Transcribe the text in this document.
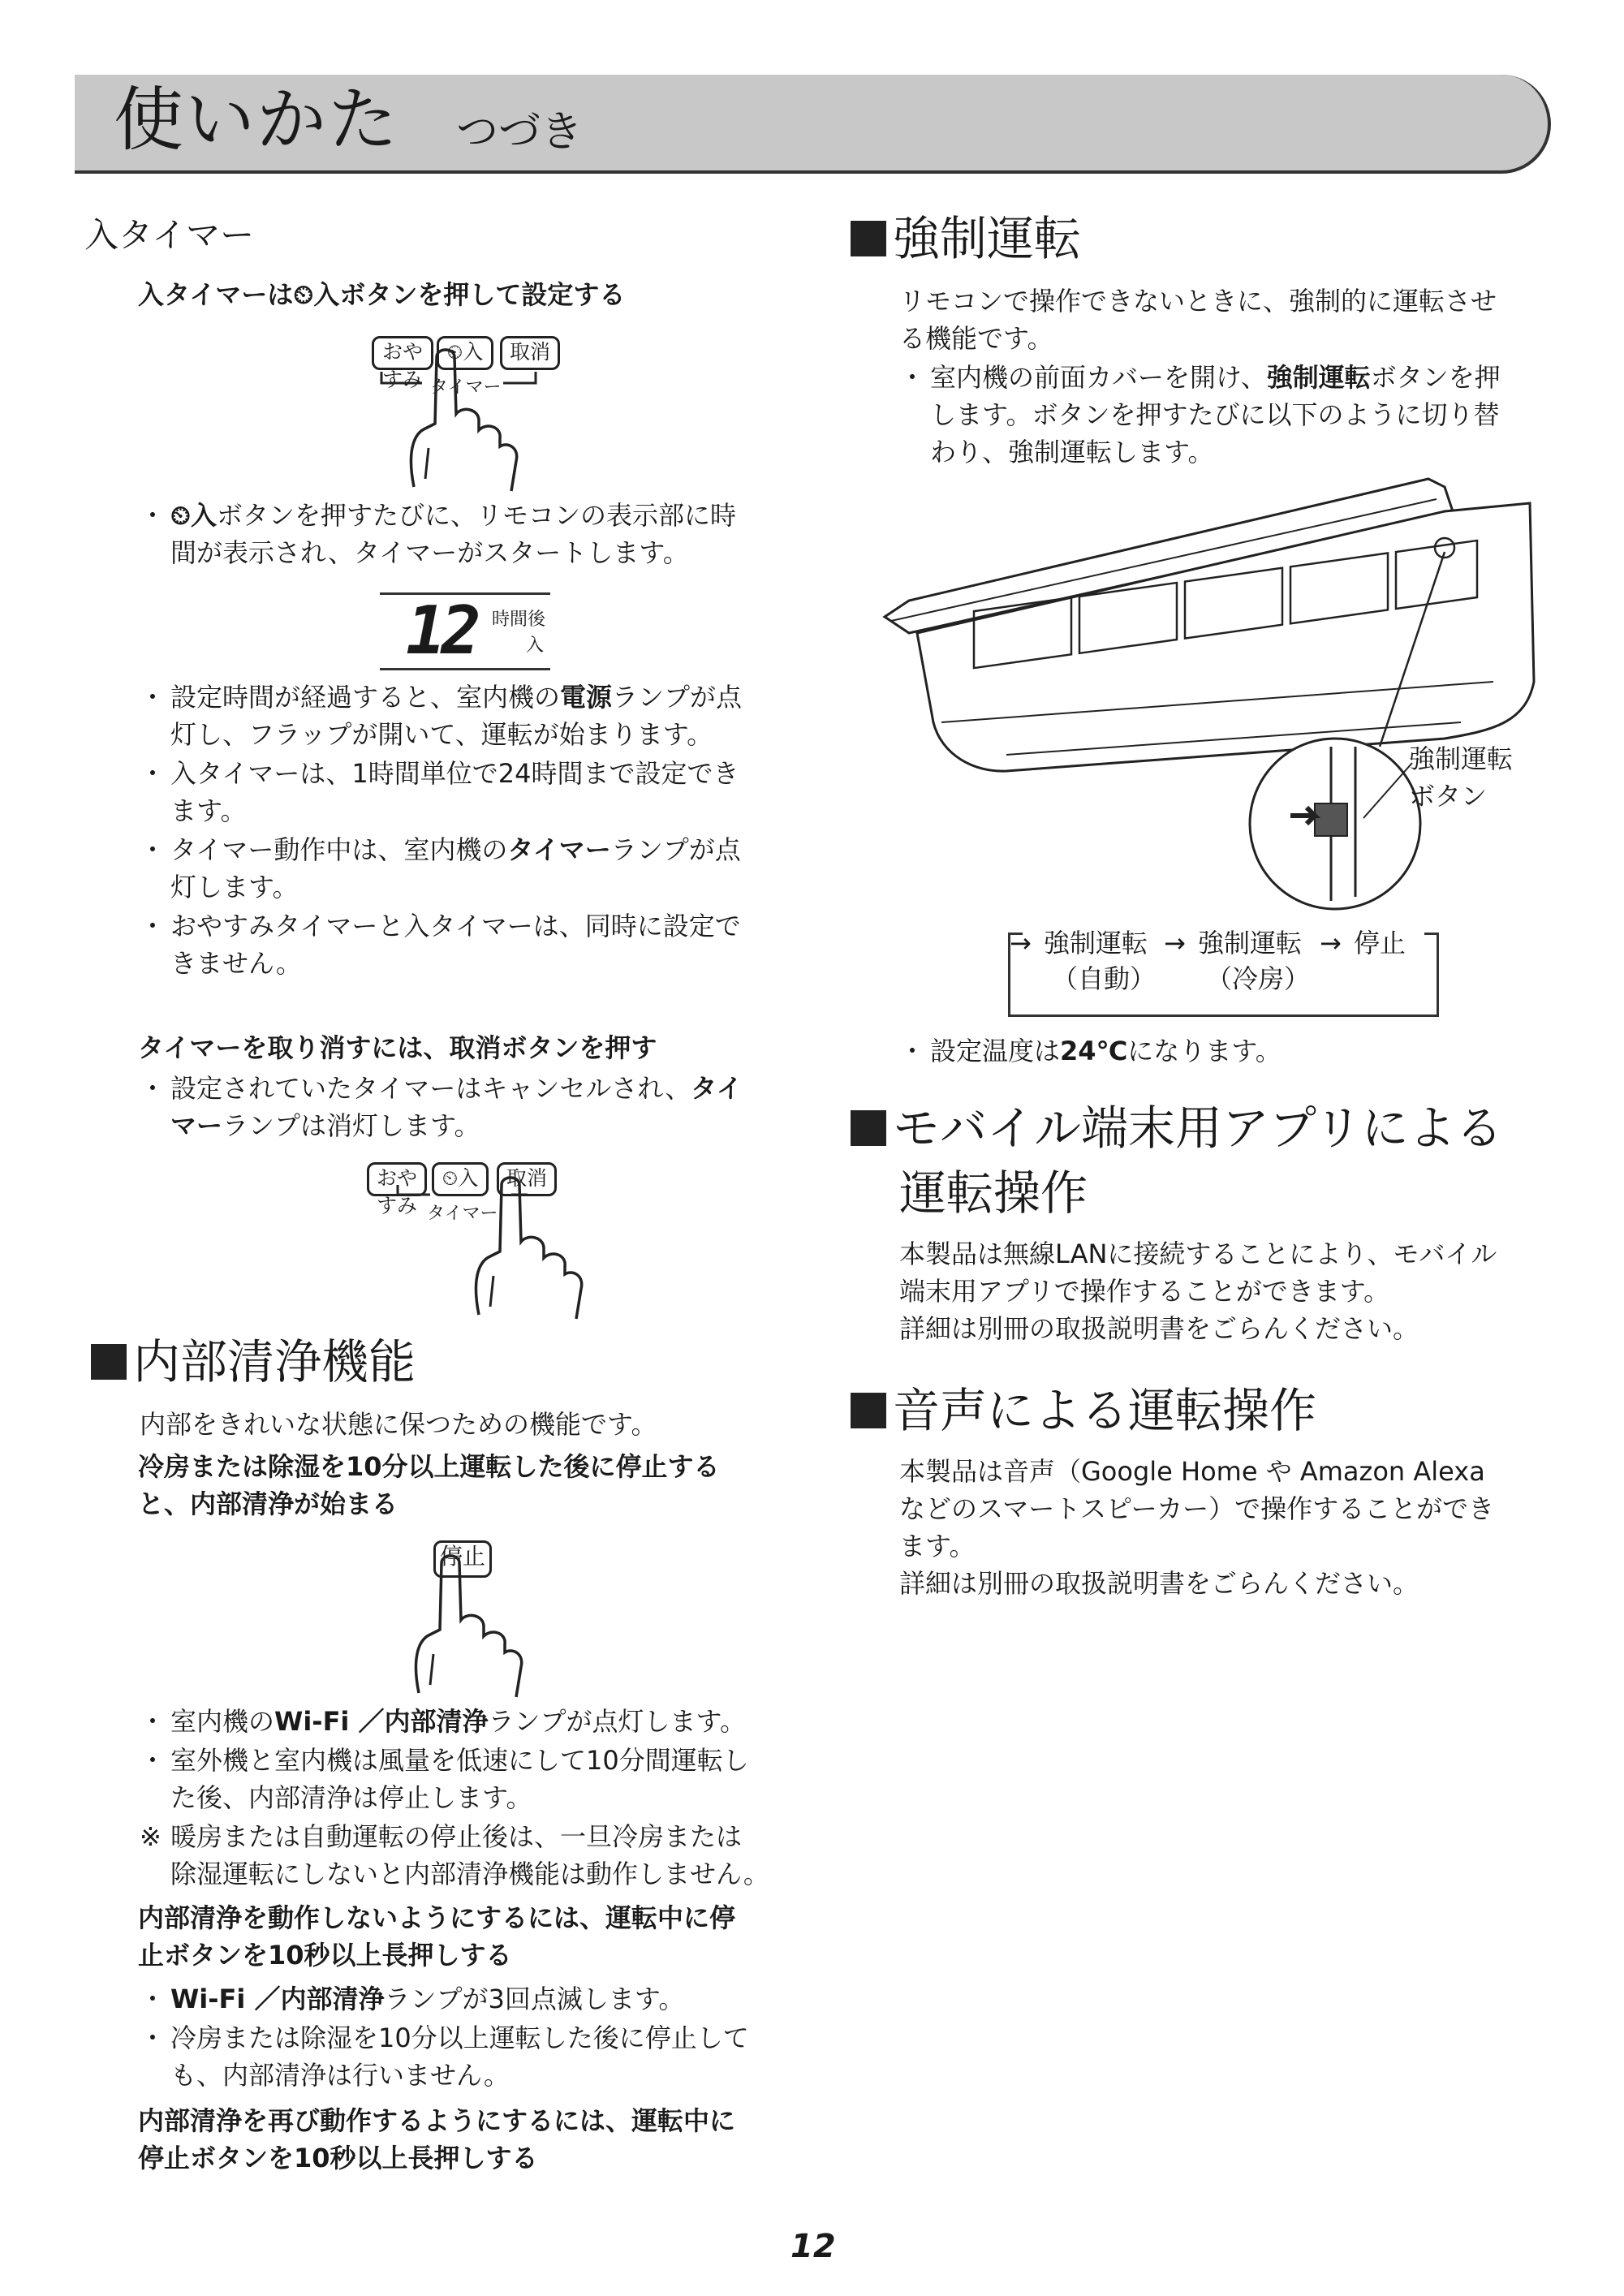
使いかた つづき
入タイマー
入タイマーは⏲入ボタンを押して設定する
おやすみ
⏲入	取消
タイマー
・ ⏲入ボタンを押すたびに、リモコンの表示部に時
間が表示され、タイマーがスタートします。
12 時間後
入
・ 設定時間が経過すると、室内機の電源ランプが点
灯し、フラップが開いて、運転が始まります。
・ 入タイマーは、1時間単位で24時間まで設定でき
ます。
・ タイマー動作中は、室内機のタイマーランプが点
灯します。
・ おやすみタイマーと入タイマーは、同時に設定で
きません。
タイマーを取り消すには、取消ボタンを押す
・ 設定されていたタイマーはキャンセルされ、タイ
マーランプは消灯します。
おやすみ
⏲入	取消
タイマー
内部清浄機能
内部をきれいな状態に保つための機能です。
冷房または除湿を10分以上運転した後に停止する
と、内部清浄が始まる
停止
・ 室内機のWi-Fi ／内部清浄ランプが点灯します。
・ 室外機と室内機は風量を低速にして10分間運転し
た後、内部清浄は停止します。
※ 暖房または自動運転の停止後は、一旦冷房または
除湿運転にしないと内部清浄機能は動作しません。
内部清浄を動作しないようにするには、運転中に停
止ボタンを10秒以上長押しする
・ Wi-Fi ／内部清浄ランプが3回点滅します。
・ 冷房または除湿を10分以上運転した後に停止して
も、内部清浄は行いません。
内部清浄を再び動作するようにするには、運転中に
停止ボタンを10秒以上長押しする
強制運転
リモコンで操作できないときに、強制的に運転させ
る機能です。
・ 室内機の前面カバーを開け、強制運転ボタンを押
します。ボタンを押すたびに以下のように切り替
わり、強制運転します。
強制運転
ボタン
強制運転
（自動）
→ 強制運転
（冷房）
→ 停止
→
・ 設定温度は24℃になります。
モバイル端末用アプリによる
運転操作
本製品は無線LANに接続することにより、モバイル
端末用アプリで操作することができます。
詳細は別冊の取扱説明書をごらんください。
音声による運転操作
本製品は音声（Google Home や Amazon Alexa
などのスマートスピーカー）で操作することができ
ます。
詳細は別冊の取扱説明書をごらんください。
12
